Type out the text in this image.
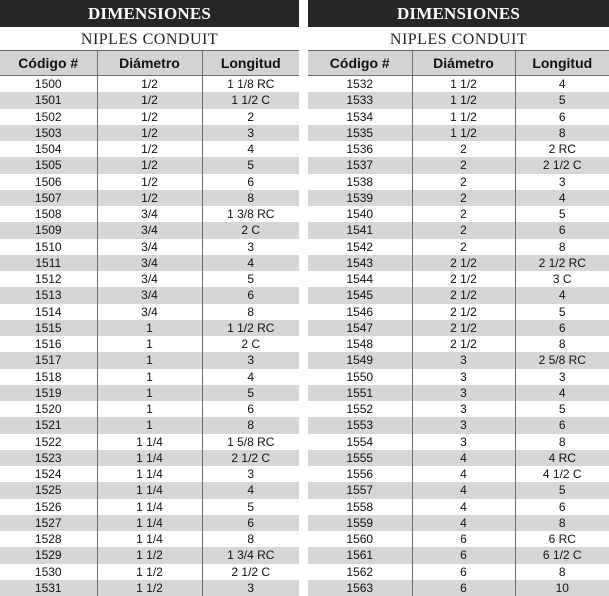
DIMENSIONES
NIPLES CONDUIT
Código #	Diámetro	Longitud
1500	1/2	1 1/8 RC
1501	1/2	1 1/2 C
1502	1/2	2
1503	1/2	3
1504	1/2	4
1505	1/2	5
1506	1/2	6
1507	1/2	8
1508	3/4	1 3/8 RC
1509	3/4	2 C
1510	3/4	3
1511	3/4	4
1512	3/4	5
1513	3/4	6
1514	3/4	8
1515	1	1 1/2 RC
1516	1	2 C
1517	1	3
1518	1	4
1519	1	5
1520	1	6
1521	1	8
1522	1 1/4	1 5/8 RC
1523	1 1/4	2 1/2 C
1524	1 1/4	3
1525	1 1/4	4
1526	1 1/4	5
1527	1 1/4	6
1528	1 1/4	8
1529	1 1/2	1 3/4 RC
1530	1 1/2	2 1/2 C
1531	1 1/2	3
DIMENSIONES
NIPLES CONDUIT
Código #	Diámetro	Longitud
1532	1 1/2	4
1533	1 1/2	5
1534	1 1/2	6
1535	1 1/2	8
1536	2	2 RC
1537	2	2 1/2 C
1538	2	3
1539	2	4
1540	2	5
1541	2	6
1542	2	8
1543	2 1/2	2 1/2 RC
1544	2 1/2	3 C
1545	2 1/2	4
1546	2 1/2	5
1547	2 1/2	6
1548	2 1/2	8
1549	3	2 5/8 RC
1550	3	3
1551	3	4
1552	3	5
1553	3	6
1554	3	8
1555	4	4 RC
1556	4	4 1/2 C
1557	4	5
1558	4	6
1559	4	8
1560	6	6 RC
1561	6	6 1/2 C
1562	6	8
1563	6	10
